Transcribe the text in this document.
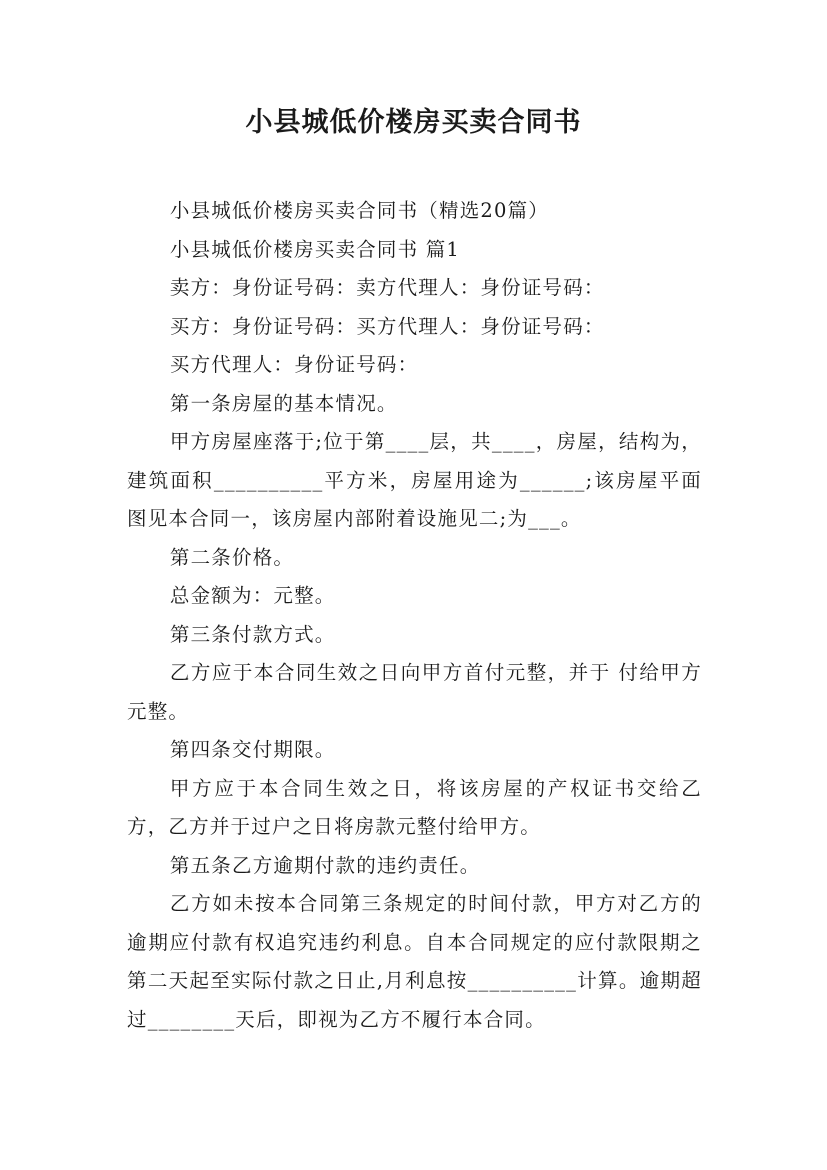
小县城低价楼房买卖合同书

小县城低价楼房买卖合同书（精选20篇）

小县城低价楼房买卖合同书 篇1

卖方：身份证号码：卖方代理人：身份证号码：

买方：身份证号码：买方代理人：身份证号码：

买方代理人：身份证号码：

第一条房屋的基本情况。

甲方房屋座落于;位于第____层，共____，房屋，结构为，建筑面积__________平方米，房屋用途为______;该房屋平面图见本合同一，该房屋内部附着设施见二;为___。

第二条价格。

总金额为：元整。

第三条付款方式。

乙方应于本合同生效之日向甲方首付元整，并于 付给甲方元整。

第四条交付期限。

甲方应于本合同生效之日，将该房屋的产权证书交给乙方，乙方并于过户之日将房款元整付给甲方。

第五条乙方逾期付款的违约责任。

乙方如未按本合同第三条规定的时间付款，甲方对乙方的逾期应付款有权追究违约利息。自本合同规定的应付款限期之第二天起至实际付款之日止,月利息按__________计算。逾期超过________天后，即视为乙方不履行本合同。
